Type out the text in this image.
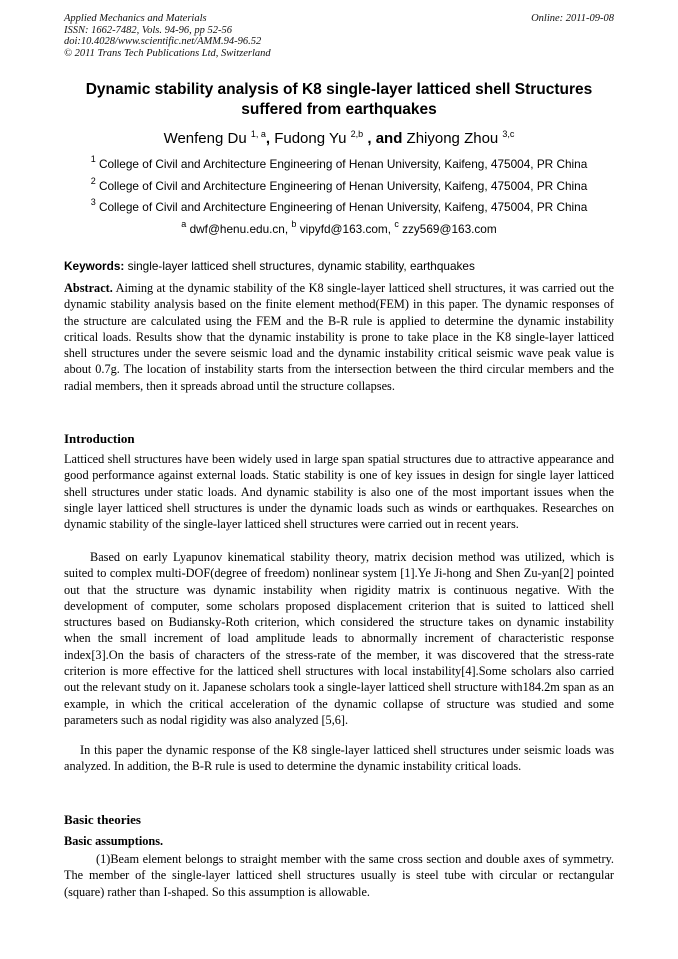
Applied Mechanics and Materials
ISSN: 1662-7482, Vols. 94-96, pp 52-56
doi:10.4028/www.scientific.net/AMM.94-96.52
© 2011 Trans Tech Publications Ltd, Switzerland
Online: 2011-09-08
Dynamic stability analysis of K8 single-layer latticed shell Structures
suffered from earthquakes
Wenfeng Du $^{1, a}$, Fudong Yu $^{2,b}$ , and Zhiyong Zhou $^{3,c}$
$^1$ College of Civil and Architecture Engineering of Henan University, Kaifeng, 475004, PR China
$^2$ College of Civil and Architecture Engineering of Henan University, Kaifeng, 475004, PR China
$^3$ College of Civil and Architecture Engineering of Henan University, Kaifeng, 475004, PR China
$^a$ dwf@henu.edu.cn, $^b$ vipyfd@163.com, $^c$ zzy569@163.com
Keywords: single-layer latticed shell structures, dynamic stability, earthquakes

Abstract. Aiming at the dynamic stability of the K8 single-layer latticed shell structures, it was carried out the dynamic stability analysis based on the finite element method(FEM) in this paper. The dynamic responses of the structure are calculated using the FEM and the B-R rule is applied to determine the dynamic instability critical loads. Results show that the dynamic instability is prone to take place in the K8 single-layer latticed shell structures under the severe seismic load and the dynamic instability critical seismic wave peak value is about 0.7g. The location of instability starts from the intersection between the third circular members and the radial members, then it spreads abroad until the structure collapses.

Introduction

Latticed shell structures have been widely used in large span spatial structures due to attractive appearance and good performance against external loads. Static stability is one of key issues in design for single layer latticed shell structures under static loads. And dynamic stability is also one of the most important issues when the single layer latticed shell structures is under the dynamic loads such as winds or earthquakes. Researches on dynamic stability of the single-layer latticed shell structures were carried out in recent years.

Based on early Lyapunov kinematical stability theory, matrix decision method was utilized, which is suited to complex multi-DOF(degree of freedom) nonlinear system [1].Ye Ji-hong and Shen Zu-yan[2] pointed out that the structure was dynamic instability when rigidity matrix is continuous negative. With the development of computer, some scholars proposed displacement criterion that is suited to latticed shell structures based on Budiansky-Roth criterion, which considered the structure takes on dynamic instability when the small increment of load amplitude leads to abnormally increment of characteristic response index[3].On the basis of characters of the stress-rate of the member, it was discovered that the stress-rate criterion is more effective for the latticed shell structures with local instability[4].Some scholars also carried out the relevant study on it. Japanese scholars took a single-layer latticed shell structure with184.2m span as an example, in which the critical acceleration of the dynamic collapse of structure was studied and some parameters such as nodal rigidity was also analyzed [5,6].

In this paper the dynamic response of the K8 single-layer latticed shell structures under seismic loads was analyzed. In addition, the B-R rule is used to determine the dynamic instability critical loads.

Basic theories
Basic assumptions.

(1)Beam element belongs to straight member with the same cross section and double axes of symmetry. The member of the single-layer latticed shell structures usually is steel tube with circular or rectangular (square) rather than I-shaped. So this assumption is allowable.
